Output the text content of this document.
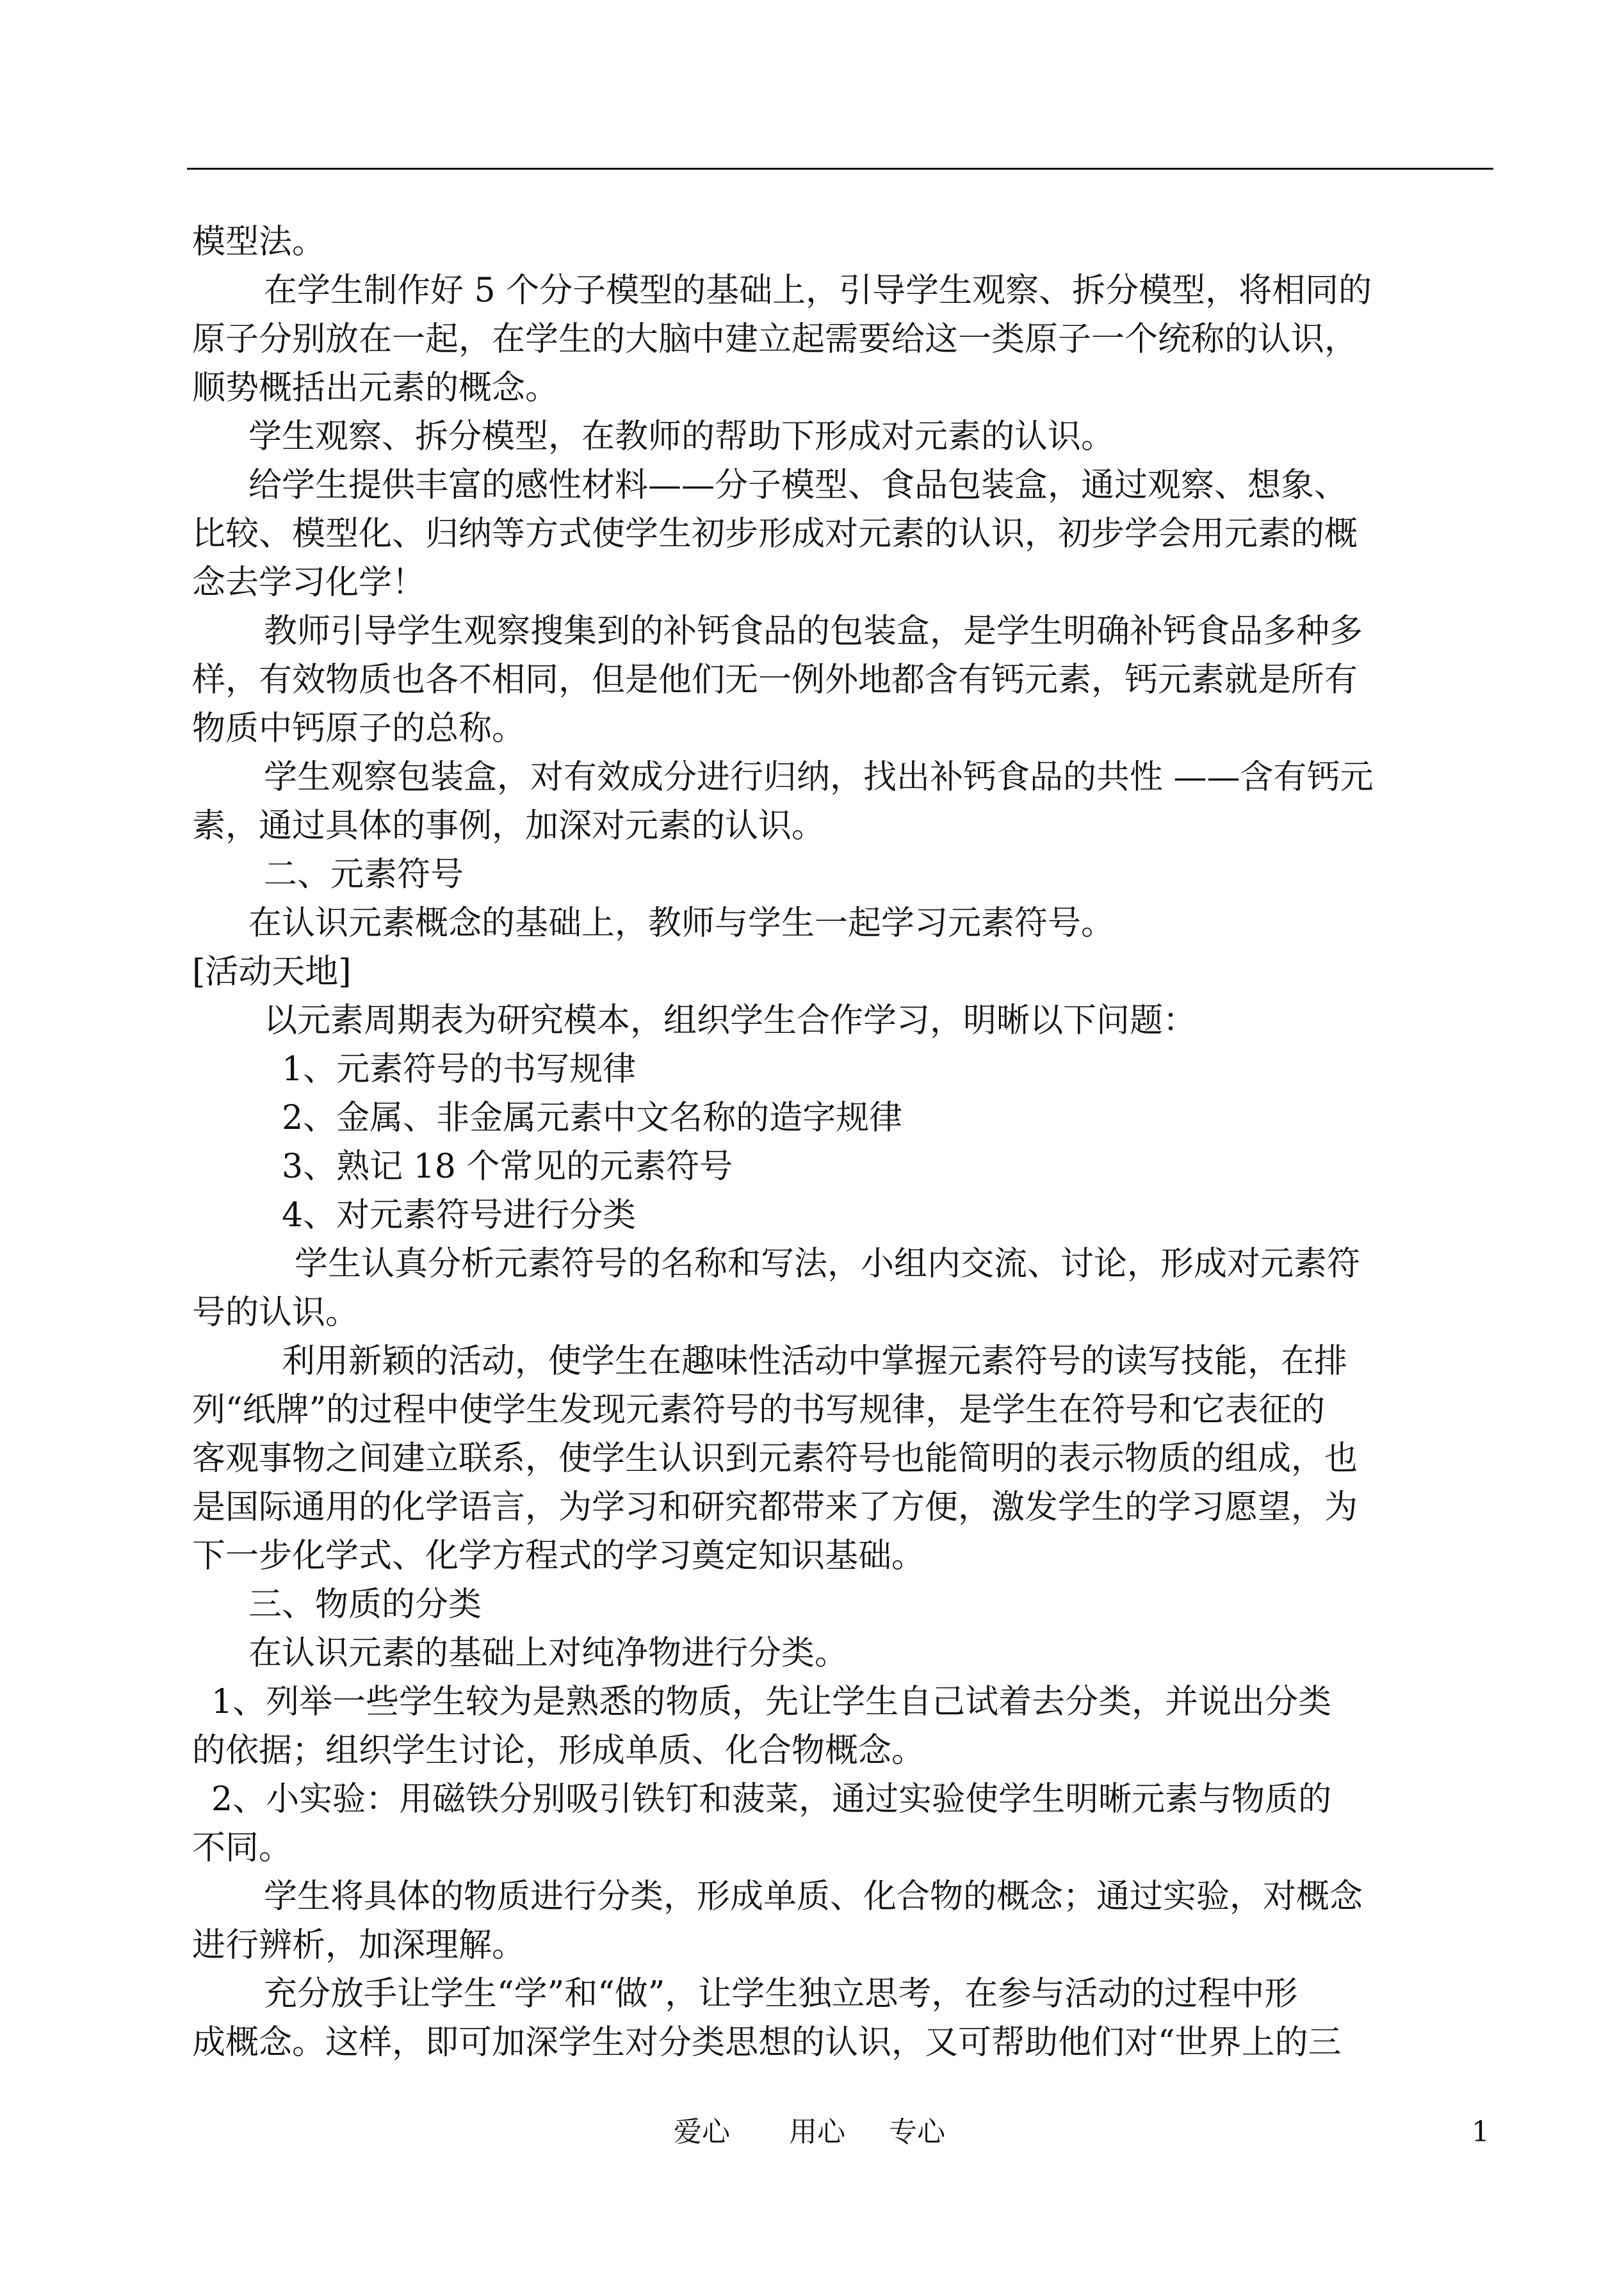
模型法。
在学生制作好 5 个分子模型的基础上，引导学生观察、拆分模型，将相同的
原子分别放在一起，在学生的大脑中建立起需要给这一类原子一个统称的认识，
顺势概括出元素的概念。
学生观察、拆分模型，在教师的帮助下形成对元素的认识。
给学生提供丰富的感性材料——分子模型、食品包装盒，通过观察、想象、
比较、模型化、归纳等方式使学生初步形成对元素的认识，初步学会用元素的概
念去学习化学！
教师引导学生观察搜集到的补钙食品的包装盒，是学生明确补钙食品多种多
样，有效物质也各不相同，但是他们无一例外地都含有钙元素，钙元素就是所有
物质中钙原子的总称。
学生观察包装盒，对有效成分进行归纳，找出补钙食品的共性 ——含有钙元
素，通过具体的事例，加深对元素的认识。
二、元素符号
在认识元素概念的基础上，教师与学生一起学习元素符号。
[活动天地]
以元素周期表为研究模本，组织学生合作学习，明晰以下问题：
1、元素符号的书写规律
2、金属、非金属元素中文名称的造字规律
3、熟记 18 个常见的元素符号
4、对元素符号进行分类
学生认真分析元素符号的名称和写法，小组内交流、讨论，形成对元素符
号的认识。
利用新颖的活动，使学生在趣味性活动中掌握元素符号的读写技能，在排
列“纸牌”的过程中使学生发现元素符号的书写规律，是学生在符号和它表征的
客观事物之间建立联系，使学生认识到元素符号也能简明的表示物质的组成，也
是国际通用的化学语言，为学习和研究都带来了方便，激发学生的学习愿望，为
下一步化学式、化学方程式的学习奠定知识基础。
三、物质的分类
在认识元素的基础上对纯净物进行分类。
1、列举一些学生较为是熟悉的物质，先让学生自己试着去分类，并说出分类
的依据；组织学生讨论，形成单质、化合物概念。
2、小实验：用磁铁分别吸引铁钉和菠菜，通过实验使学生明晰元素与物质的
不同。
学生将具体的物质进行分类，形成单质、化合物的概念；通过实验，对概念
进行辨析，加深理解。
充分放手让学生“学”和“做”，让学生独立思考，在参与活动的过程中形
成概念。这样，即可加深学生对分类思想的认识，又可帮助他们对“世界上的三
爱心 用心 专心	1
